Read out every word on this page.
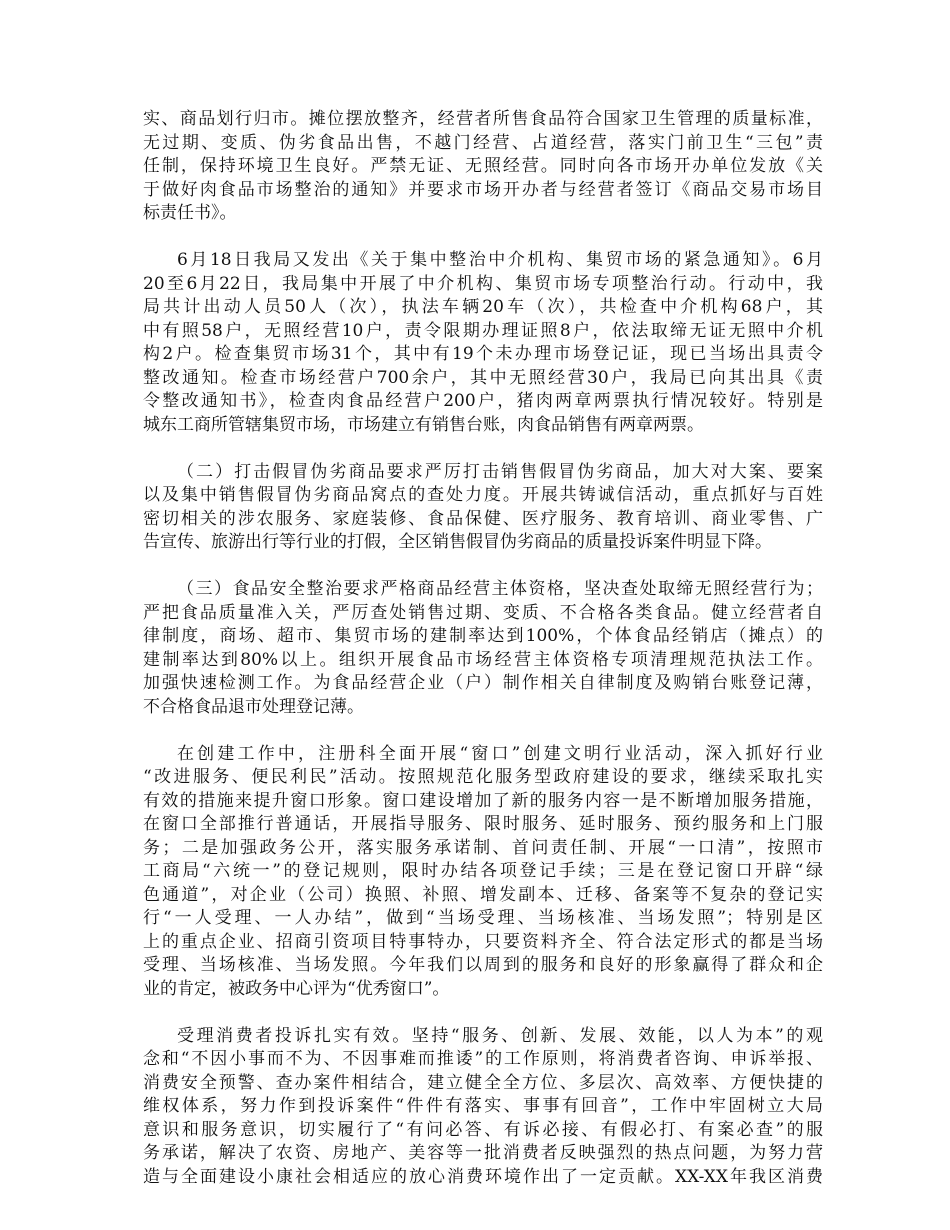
实、商品划行归市。摊位摆放整齐，经营者所售食品符合国家卫生管理的质量标准，
无过期、变质、伪劣食品出售，不越门经营、占道经营，落实门前卫生“三包”责
任制，保持环境卫生良好。严禁无证、无照经营。同时向各市场开办单位发放《关
于做好肉食品市场整治的通知》并要求市场开办者与经营者签订《商品交易市场目
标责任书》。
6月18日我局又发出《关于集中整治中介机构、集贸市场的紧急通知》。6月
20至6月22日，我局集中开展了中介机构、集贸市场专项整治行动。行动中，我
局共计出动人员50人（次），执法车辆20车（次），共检查中介机构68户，其
中有照58户，无照经营10户，责令限期办理证照8户，依法取缔无证无照中介机
构2户。检查集贸市场31个，其中有19个未办理市场登记证，现已当场出具责令
整改通知。检查市场经营户700余户，其中无照经营30户，我局已向其出具《责
令整改通知书》，检查肉食品经营户200户，猪肉两章两票执行情况较好。特别是
城东工商所管辖集贸市场，市场建立有销售台账，肉食品销售有两章两票。
（二）打击假冒伪劣商品要求严厉打击销售假冒伪劣商品，加大对大案、要案
以及集中销售假冒伪劣商品窝点的查处力度。开展共铸诚信活动，重点抓好与百姓
密切相关的涉农服务、家庭装修、食品保健、医疗服务、教育培训、商业零售、广
告宣传、旅游出行等行业的打假，全区销售假冒伪劣商品的质量投诉案件明显下降。
（三）食品安全整治要求严格商品经营主体资格，坚决查处取缔无照经营行为；
严把食品质量准入关，严厉查处销售过期、变质、不合格各类食品。健立经营者自
律制度，商场、超市、集贸市场的建制率达到100%，个体食品经销店（摊点）的
建制率达到80%以上。组织开展食品市场经营主体资格专项清理规范执法工作。
加强快速检测工作。为食品经营企业（户）制作相关自律制度及购销台账登记薄，
不合格食品退市处理登记薄。
在创建工作中，注册科全面开展“窗口”创建文明行业活动，深入抓好行业
“改进服务、便民利民”活动。按照规范化服务型政府建设的要求，继续采取扎实
有效的措施来提升窗口形象。窗口建设增加了新的服务内容一是不断增加服务措施，
在窗口全部推行普通话，开展指导服务、限时服务、延时服务、预约服务和上门服
务；二是加强政务公开，落实服务承诺制、首问责任制、开展“一口清”，按照市
工商局“六统一”的登记规则，限时办结各项登记手续；三是在登记窗口开辟“绿
色通道”，对企业（公司）换照、补照、增发副本、迁移、备案等不复杂的登记实
行“一人受理、一人办结”，做到“当场受理、当场核准、当场发照”；特别是区
上的重点企业、招商引资项目特事特办，只要资料齐全、符合法定形式的都是当场
受理、当场核准、当场发照。今年我们以周到的服务和良好的形象赢得了群众和企
业的肯定，被政务中心评为“优秀窗口”。
受理消费者投诉扎实有效。坚持“服务、创新、发展、效能，以人为本”的观
念和“不因小事而不为、不因事难而推诿”的工作原则，将消费者咨询、申诉举报、
消费安全预警、查办案件相结合，建立健全全方位、多层次、高效率、方便快捷的
维权体系，努力作到投诉案件“件件有落实、事事有回音”，工作中牢固树立大局
意识和服务意识，切实履行了“有问必答、有诉必接、有假必打、有案必查”的服
务承诺，解决了农资、房地产、美容等一批消费者反映强烈的热点问题，为努力营
造与全面建设小康社会相适应的放心消费环境作出了一定贡献。XX-XX年我区消费
